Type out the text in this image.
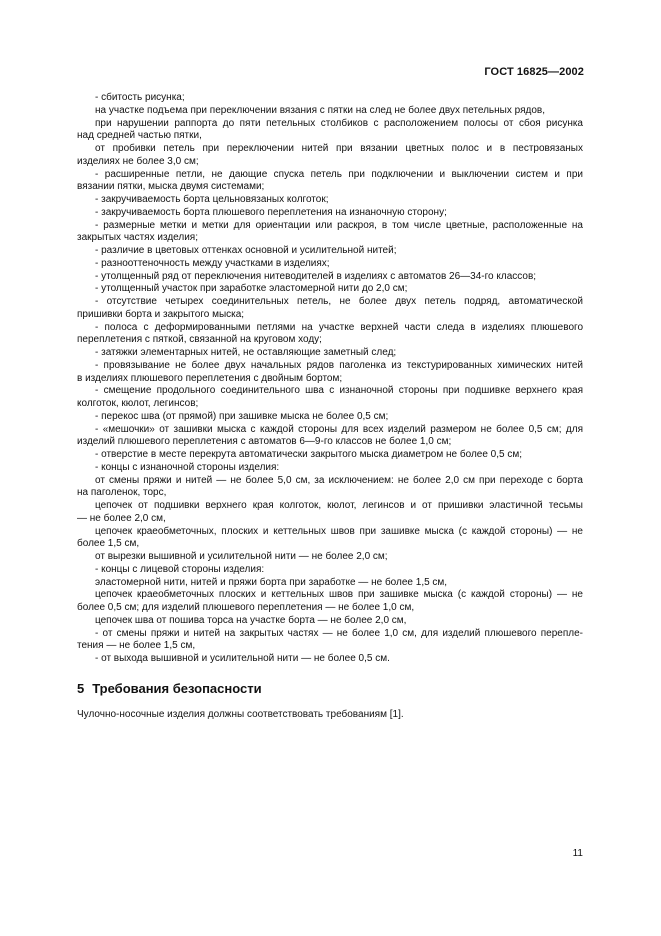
ГОСТ 16825—2002
- сбитость рисунка;
на участке подъема при переключении вязания с пятки на след не более двух петельных рядов,
при нарушении раппорта до пяти петельных столбиков с расположением полосы от сбоя рисунка
над средней частью пятки,
от пробивки петель при переключении нитей при вязании цветных полос и в пестровязаных
изделиях не более 3,0 см;
- расширенные петли, не дающие спуска петель при подключении и выключении систем и при
вязании пятки, мыска двумя системами;
- закручиваемость борта цельновязаных колготок;
- закручиваемость борта плюшевого переплетения на изнаночную сторону;
- размерные метки и метки для ориентации или раскроя, в том числе цветные, расположенные на
закрытых частях изделия;
- различие в цветовых оттенках основной и усилительной нитей;
- разнооттеночность между участками в изделиях;
- утолщенный ряд от переключения нитеводителей в изделиях с автоматов 26—34-го классов;
- утолщенный участок при заработке эластомерной нити до 2,0 см;
- отсутствие четырех соединительных петель, не более двух петель подряд, автоматической
пришивки борта и закрытого мыска;
- полоса с деформированными петлями на участке верхней части следа в изделиях плюшевого
переплетения с пяткой, связанной на круговом ходу;
- затяжки элементарных нитей, не оставляющие заметный след;
- провязывание не более двух начальных рядов паголенка из текстурированных химических нитей
в изделиях плюшевого переплетения с двойным бортом;
- смещение продольного соединительного шва с изнаночной стороны при подшивке верхнего края
колготок, кюлот, легинсов;
- перекос шва (от прямой) при зашивке мыска не более 0,5 см;
- «мешочки» от зашивки мыска с каждой стороны для всех изделий размером не более 0,5 см; для
изделий плюшевого переплетения с автоматов 6—9-го классов не более 1,0 см;
- отверстие в месте перекрута автоматически закрытого мыска диаметром не более 0,5 см;
- концы с изнаночной стороны изделия:
от смены пряжи и нитей — не более 5,0 см, за исключением: не более 2,0 см при переходе с борта
на паголенок, торс,
цепочек от подшивки верхнего края колготок, кюлот, легинсов и от пришивки эластичной тесьмы
— не более 2,0 см,
цепочек краеобметочных, плоских и кеттельных швов при зашивке мыска (с каждой стороны) — не
более 1,5 см,
от вырезки вышивной и усилительной нити — не более 2,0 см;
- концы с лицевой стороны изделия:
эластомерной нити, нитей и пряжи борта при заработке — не более 1,5 см,
цепочек краеобметочных плоских и кеттельных швов при зашивке мыска (с каждой стороны) — не
более 0,5 см; для изделий плюшевого переплетения — не более 1,0 см,
цепочек шва от пошива торса на участке борта — не более 2,0 см,
- от смены пряжи и нитей на закрытых частях — не более 1,0 см, для изделий плюшевого перепле-
тения — не более 1,5 см,
- от выхода вышивной и усилительной нити — не более 0,5 см.
5 Требования безопасности
Чулочно-носочные изделия должны соответствовать требованиям [1].
11
